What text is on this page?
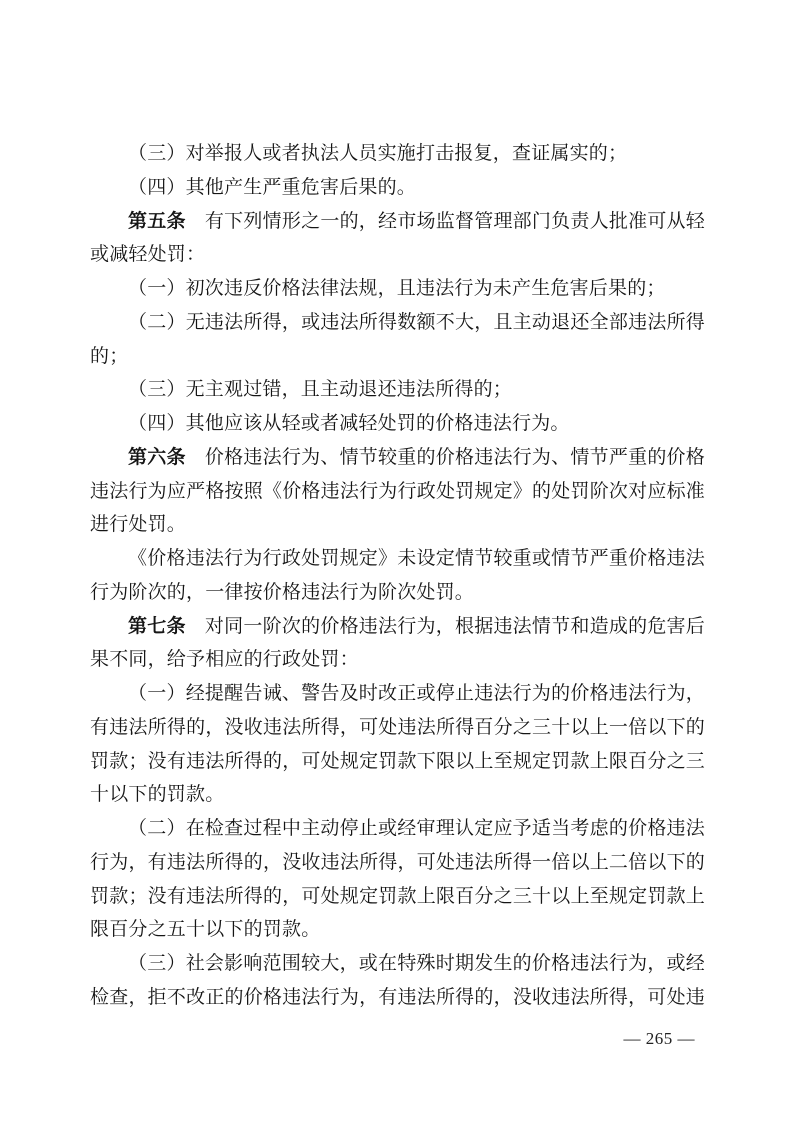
（三）对举报人或者执法人员实施打击报复，查证属实的；
（四）其他产生严重危害后果的。
第五条　有下列情形之一的，经市场监督管理部门负责人批准可从轻
或减轻处罚：
（一）初次违反价格法律法规，且违法行为未产生危害后果的；
（二）无违法所得，或违法所得数额不大，且主动退还全部违法所得
的；
（三）无主观过错，且主动退还违法所得的；
（四）其他应该从轻或者减轻处罚的价格违法行为。
第六条　价格违法行为、情节较重的价格违法行为、情节严重的价格
违法行为应严格按照《价格违法行为行政处罚规定》的处罚阶次对应标准
进行处罚。
《价格违法行为行政处罚规定》未设定情节较重或情节严重价格违法
行为阶次的，一律按价格违法行为阶次处罚。
第七条　对同一阶次的价格违法行为，根据违法情节和造成的危害后
果不同，给予相应的行政处罚：
（一）经提醒告诫、警告及时改正或停止违法行为的价格违法行为，
有违法所得的，没收违法所得，可处违法所得百分之三十以上一倍以下的
罚款；没有违法所得的，可处规定罚款下限以上至规定罚款上限百分之三
十以下的罚款。
（二）在检查过程中主动停止或经审理认定应予适当考虑的价格违法
行为，有违法所得的，没收违法所得，可处违法所得一倍以上二倍以下的
罚款；没有违法所得的，可处规定罚款上限百分之三十以上至规定罚款上
限百分之五十以下的罚款。
（三）社会影响范围较大，或在特殊时期发生的价格违法行为，或经
检查，拒不改正的价格违法行为，有违法所得的，没收违法所得，可处违
— 265 —
